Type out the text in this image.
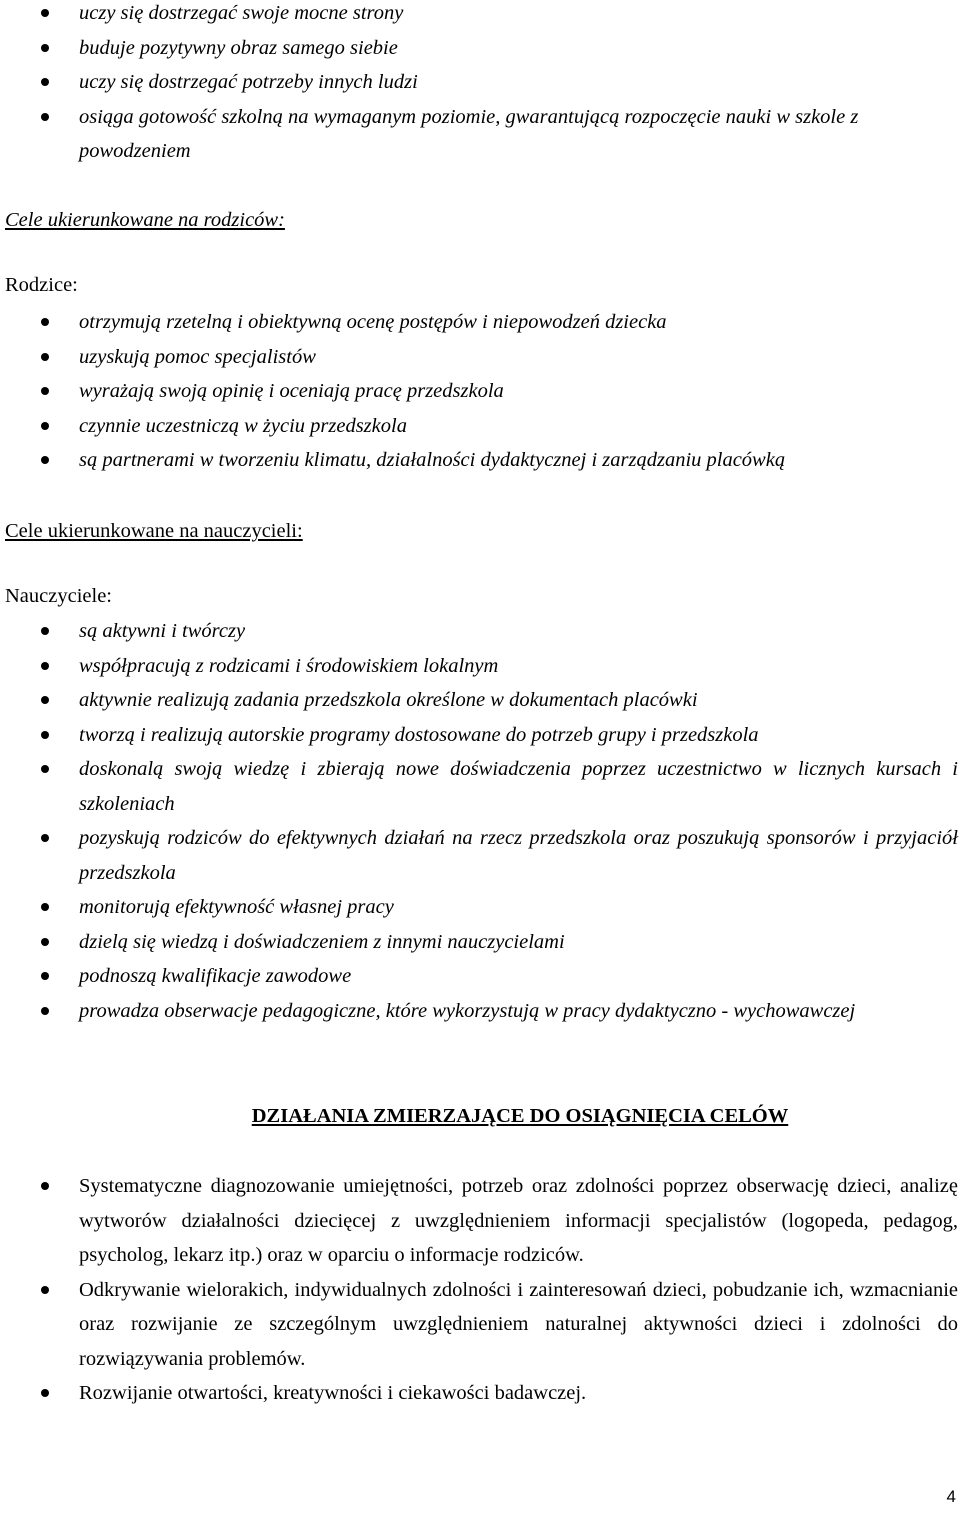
uczy się dostrzegać swoje mocne strony
buduje pozytywny obraz samego siebie
uczy się dostrzegać potrzeby innych ludzi
osiąga gotowość szkolną na wymaganym poziomie, gwarantującą rozpoczęcie nauki w szkole z powodzeniem
Cele ukierunkowane na rodziców:
Rodzice:
otrzymują rzetelną i obiektywną ocenę postępów i niepowodzeń dziecka
uzyskują pomoc specjalistów
wyrażają swoją opinię i oceniają pracę przedszkola
czynnie uczestniczą w życiu przedszkola
są partnerami w tworzeniu klimatu, działalności dydaktycznej i zarządzaniu placówką
Cele ukierunkowane na nauczycieli:
Nauczyciele:
są aktywni i twórczy
współpracują z rodzicami i środowiskiem lokalnym
aktywnie realizują zadania przedszkola określone w dokumentach placówki
tworzą i realizują autorskie programy dostosowane do potrzeb grupy i przedszkola
doskonalą swoją wiedzę i zbierają nowe doświadczenia poprzez uczestnictwo w licznych kursach i szkoleniach
pozyskują rodziców do efektywnych działań na rzecz przedszkola oraz poszukują sponsorów i przyjaciół przedszkola
monitorują efektywność własnej pracy
dzielą się wiedzą i doświadczeniem z innymi nauczycielami
podnoszą kwalifikacje zawodowe
prowadza obserwacje pedagogiczne, które wykorzystują w pracy dydaktyczno - wychowawczej
DZIAŁANIA ZMIERZAJĄCE DO OSIĄGNIĘCIA CELÓW
Systematyczne diagnozowanie umiejętności, potrzeb oraz zdolności poprzez obserwację dzieci, analizę wytworów działalności dziecięcej z uwzględnieniem informacji specjalistów (logopeda, pedagog, psycholog, lekarz itp.) oraz w oparciu o informacje rodziców.
Odkrywanie wielorakich, indywidualnych zdolności i zainteresowań dzieci, pobudzanie ich, wzmacnianie oraz rozwijanie ze szczególnym uwzględnieniem naturalnej aktywności dzieci i zdolności do rozwiązywania problemów.
Rozwijanie otwartości, kreatywności i ciekawości badawczej.
4
